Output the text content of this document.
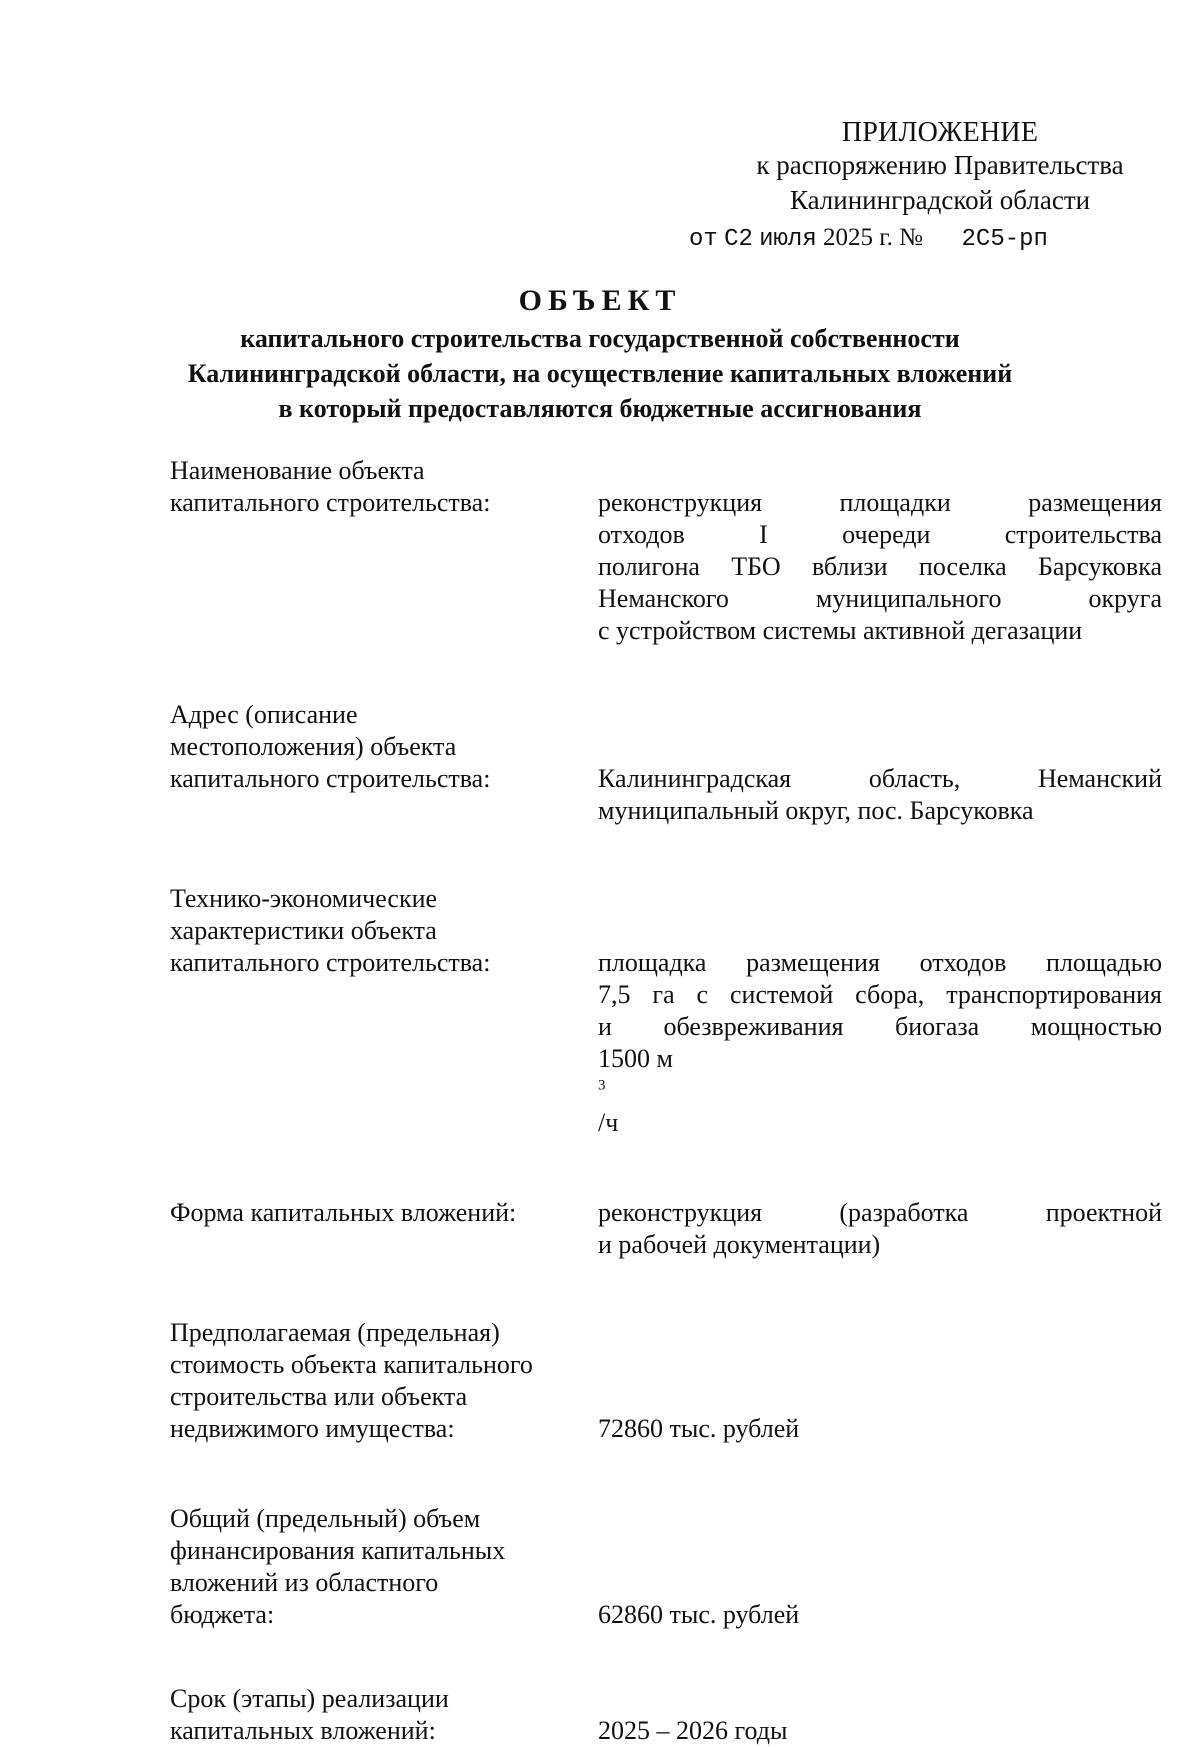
ПРИЛОЖЕНИЕ
к распоряжению Правительства
Калининградской области
от С2 июля 2025 г. № 2С5-рп
ОБЪЕКТ
капитального строительства государственной собственности
Калининградской области, на осуществление капитальных вложений
в который предоставляются бюджетные ассигнования
Наименование объекта
капитального строительства:	реконструкция площадки размещения
отходов I очереди строительства
полигона ТБО вблизи поселка Барсуковка
Неманского муниципального округа
с устройством системы активной дегазации
Адрес (описание
местоположения) объекта
капитального строительства:	Калининградская область, Неманский
муниципальный округ, пос. Барсуковка
Технико-экономические
характеристики объекта
капитального строительства:	площадка размещения отходов площадью
7,5 га с системой сбора, транспортирования
и обезвреживания биогаза мощностью
1500 м
$^3$
/ч
Форма капитальных вложений:	реконструкция (разработка проектной
и рабочей документации)
Предполагаемая (предельная)
стоимость объекта капитального
строительства или объекта
недвижимого имущества:	72860 тыс. рублей
Общий (предельный) объем
финансирования капитальных
вложений из областного
бюджета:	62860 тыс. рублей
Срок (этапы) реализации
капитальных вложений:	2025 – 2026 годы
